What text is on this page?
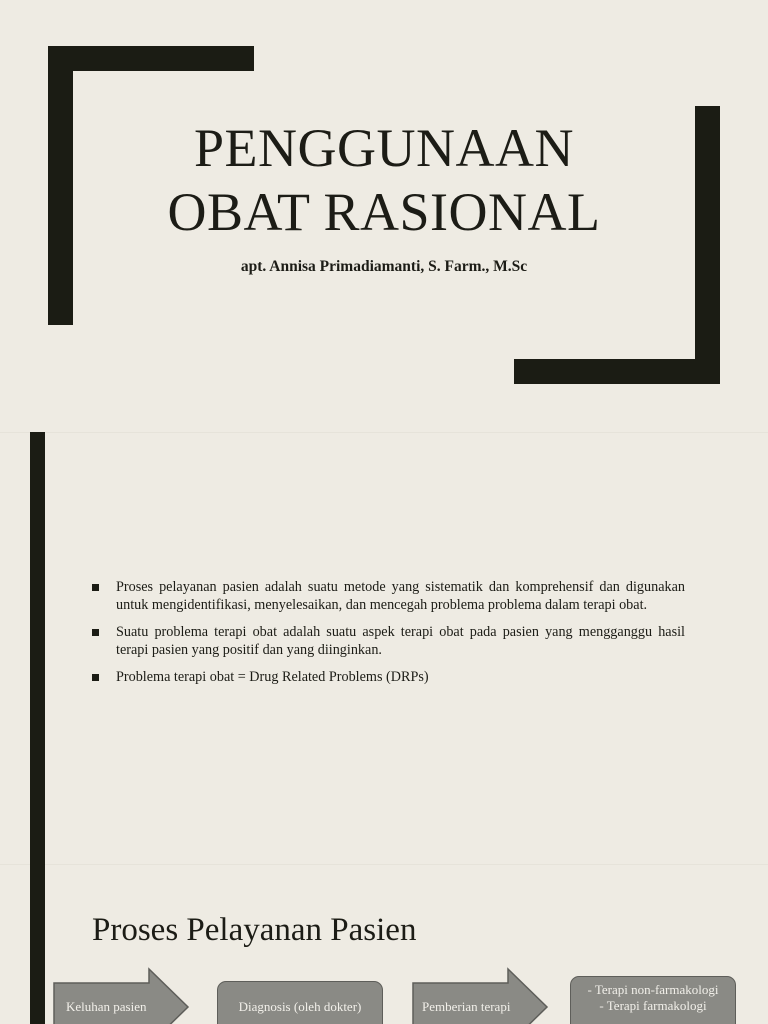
PENGGUNAAN
OBAT RASIONAL
apt. Annisa Primadiamanti, S. Farm., M.Sc
Proses pelayanan pasien adalah suatu metode yang sistematik dan komprehensif dan digunakan untuk mengidentifikasi, menyelesaikan, dan mencegah problema problema dalam terapi obat.
Suatu problema terapi obat adalah suatu aspek terapi obat pada pasien yang mengganggu hasil terapi pasien yang positif dan yang diinginkan.
Problema terapi obat = Drug Related Problems (DRPs)
Proses Pelayanan Pasien
Keluhan pasien	Diagnosis (oleh dokter)	Pemberian terapi
- Terapi non-farmakologi
- Terapi farmakologi
